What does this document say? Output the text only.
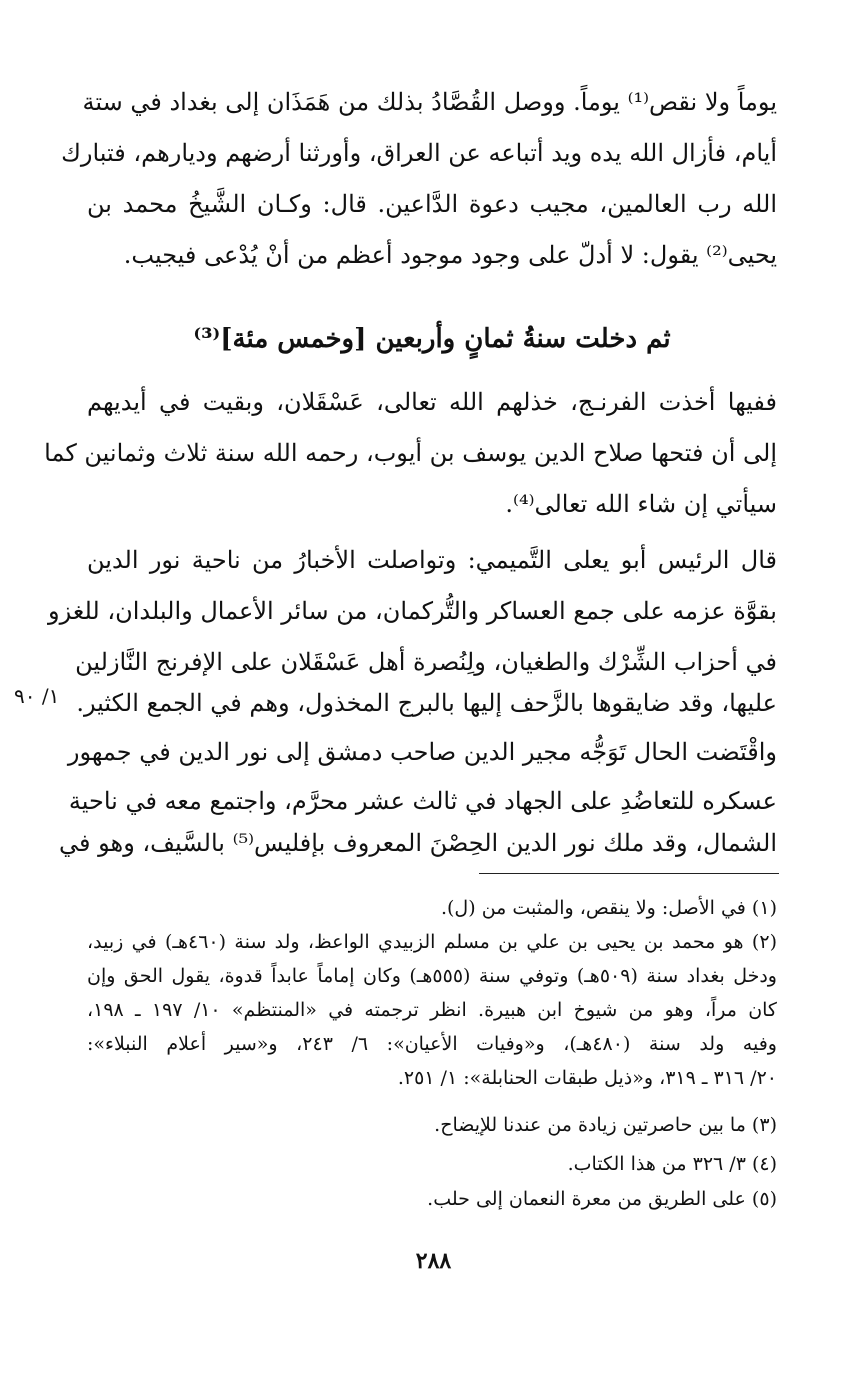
يوماً ولا نقص⁽¹⁾ يوماً. ووصل القُصَّادُ بذلك من هَمَذَان إلى بغداد في ستة
أيام، فأزال الله يده ويد أتباعه عن العراق، وأورثنا أرضهم وديارهم، فتبارك
الله رب العالمين، مجيب دعوة الدَّاعين. قال: وكـان الشَّيخُ محمد بن
يحيى⁽²⁾ يقول: لا أدلّ على وجود موجود أعظم من أنْ يُدْعى فيجيب.
ثم دخلت سنةُ ثمانٍ وأربعين [وخمس مئة]⁽³⁾
ففيها أخذت الفرنـج، خذلهم الله تعالى، عَسْقَلان، وبقيت في أيديهم
إلى أن فتحها صلاح الدين يوسف بن أيوب، رحمه الله سنة ثلاث وثمانين كما
سيأتي إن شاء الله تعالى⁽⁴⁾.
قال الرئيس أبو يعلى التَّميمي: وتواصلت الأخبارُ من ناحية نور الدين
بقوَّة عزمه على جمع العساكر والتُّركمان، من سائر الأعمال والبلدان، للغزو
في أحزاب الشِّرْك والطغيان، ولِنُصرة أهل عَسْقَلان على الإفرنج النَّازلين
عليها، وقد ضايقوها بالزَّحف إليها بالبرج المخذول، وهم في الجمع الكثير.
واقْتَضت الحال تَوَجُّه مجير الدين صاحب دمشق إلى نور الدين في جمهور
عسكره للتعاضُدِ على الجهاد في ثالث عشر محرَّم، واجتمع معه في ناحية
الشمال، وقد ملك نور الدين الحِصْنَ المعروف بإفليس⁽⁵⁾ بالسَّيف، وهو في
١/ ٩٠
(١) في الأصل: ولا ينقص، والمثبت من (ل).
(٢) هو محمد بن يحيى بن علي بن مسلم الزبيدي الواعظ، ولد سنة (٤٦٠هـ) في زبيد،
ودخل بغداد سنة (٥٠٩هـ) وتوفي سنة (٥٥٥هـ) وكان إماماً عابداً قدوة، يقول الحق وإن
كان مراً، وهو من شيوخ ابن هبيرة. انظر ترجمته في «المنتظم» ١٠/ ١٩٧ ـ ١٩٨،
وفيه ولد سنة (٤٨٠هـ)، و«وفيات الأعيان»: ٦/ ٢٤٣، و«سير أعلام النبلاء»:
٢٠/ ٣١٦ ـ ٣١٩، و«ذيل طبقات الحنابلة»: ١/ ٢٥١.
(٣) ما بين حاصرتين زيادة من عندنا للإيضاح.
(٤) ٣/ ٣٢٦ من هذا الكتاب.
(٥) على الطريق من معرة النعمان إلى حلب.
٢٨٨
